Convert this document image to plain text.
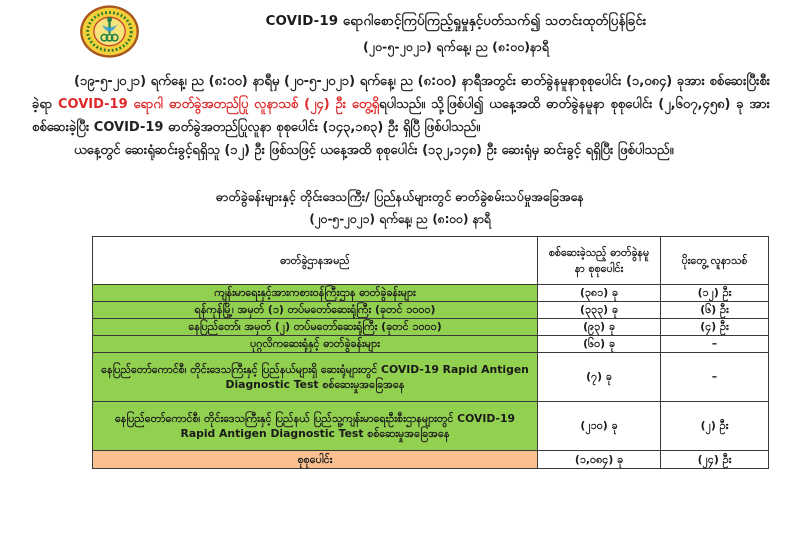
COVID-19 ရောဂါစောင့်ကြပ်ကြည့်ရှုမှုနှင့်ပတ်သက်၍ သတင်းထုတ်ပြန်ခြင်း
(၂၀-၅-၂၀၂၁) ရက်နေ့၊ ည (၈:၀၀)နာရီ

(၁၉-၅-၂၀၂၁) ရက်နေ့၊ ည (၈:၀၀) နာရီမှ (၂၀-၅-၂၀၂၁) ရက်နေ့၊ ည (၈:၀၀) နာရီအတွင်း ဓာတ်ခွဲနမူနာစုစုပေါင်း (၁,၀၈၄) ခုအား စစ်ဆေးပြီးစီးခဲ့ရာ COVID-19 ရောဂါ ဓာတ်ခွဲအတည်ပြု လူနာသစ် (၂၄) ဦး တွေ့ရှိရပါသည်။ သို့ဖြစ်ပါ၍ ယနေ့အထိ ဓာတ်ခွဲနမူနာ စုစုပေါင်း (၂,၆၀၇,၄၅၈) ခု အား စစ်ဆေးခဲ့ပြီး COVID-19 ဓာတ်ခွဲအတည်ပြုလူနာ စုစုပေါင်း (၁၄၃,၁၈၃) ဦး ရှိပြီ ဖြစ်ပါသည်။

ယနေ့တွင် ဆေးရုံဆင်းခွင့်ရရှိသူ (၁၂) ဦး ဖြစ်သဖြင့် ယနေ့အထိ စုစုပေါင်း (၁၃၂,၁၄၈) ဦး ဆေးရုံမှ ဆင်းခွင့် ရရှိပြီး ဖြစ်ပါသည်။

ဓာတ်ခွဲခန်းများနှင့် တိုင်းဒေသကြီး/ ပြည်နယ်များတွင် ဓာတ်ခွဲစမ်းသပ်မှုအခြေအနေ
(၂၀-၅-၂၀၂၁) ရက်နေ့၊ ည (၈:၀၀) နာရီ
ဓာတ်ခွဲဌာနအမည်	စစ်ဆေးခဲ့သည့် ဓာတ်ခွဲနမူနာ စုစုပေါင်း	ပိုးတွေ့ လူနာသစ်
ကျန်းမာရေးနှင့်အားကစားဝန်ကြီးဌာန ဓာတ်ခွဲခန်းများ	(၃၈၁) ခု	(၁၂) ဦး
ရန်ကုန်မြို့၊ အမှတ် (၁) တပ်မတော်ဆေးရုံကြီး (ခုတင် ၁၀၀၀)	(၃၃၃) ခု	(၆) ဦး
နေပြည်တော်၊ အမှတ် (၂) တပ်မတော်ဆေးရုံကြီး (ခုတင် ၁၀၀၀)	(၉၃) ခု	(၄) ဦး
ပုဂ္ဂလိကဆေးရုံနှင့် ဓာတ်ခွဲခန်းများ	(၆၀) ခု	–
နေပြည်တော်ကောင်စီ၊ တိုင်းဒေသကြီးနှင့် ပြည်နယ်များရှိ ဆေးရုံများတွင် COVID-19 Rapid Antigen Diagnostic Test စစ်ဆေးမှုအခြေအနေ	(၇) ခု	–
နေပြည်တော်ကောင်စီ၊ တိုင်းဒေသကြီးနှင့် ပြည်နယ် ပြည်သူ့ကျန်းမာရေးဦးစီးဌာနများတွင် COVID-19 Rapid Antigen Diagnostic Test စစ်ဆေးမှုအခြေအနေ	(၂၁၀) ခု	(၂) ဦး
စုစုပေါင်း	(၁,၀၈၄) ခု	(၂၄) ဦး
